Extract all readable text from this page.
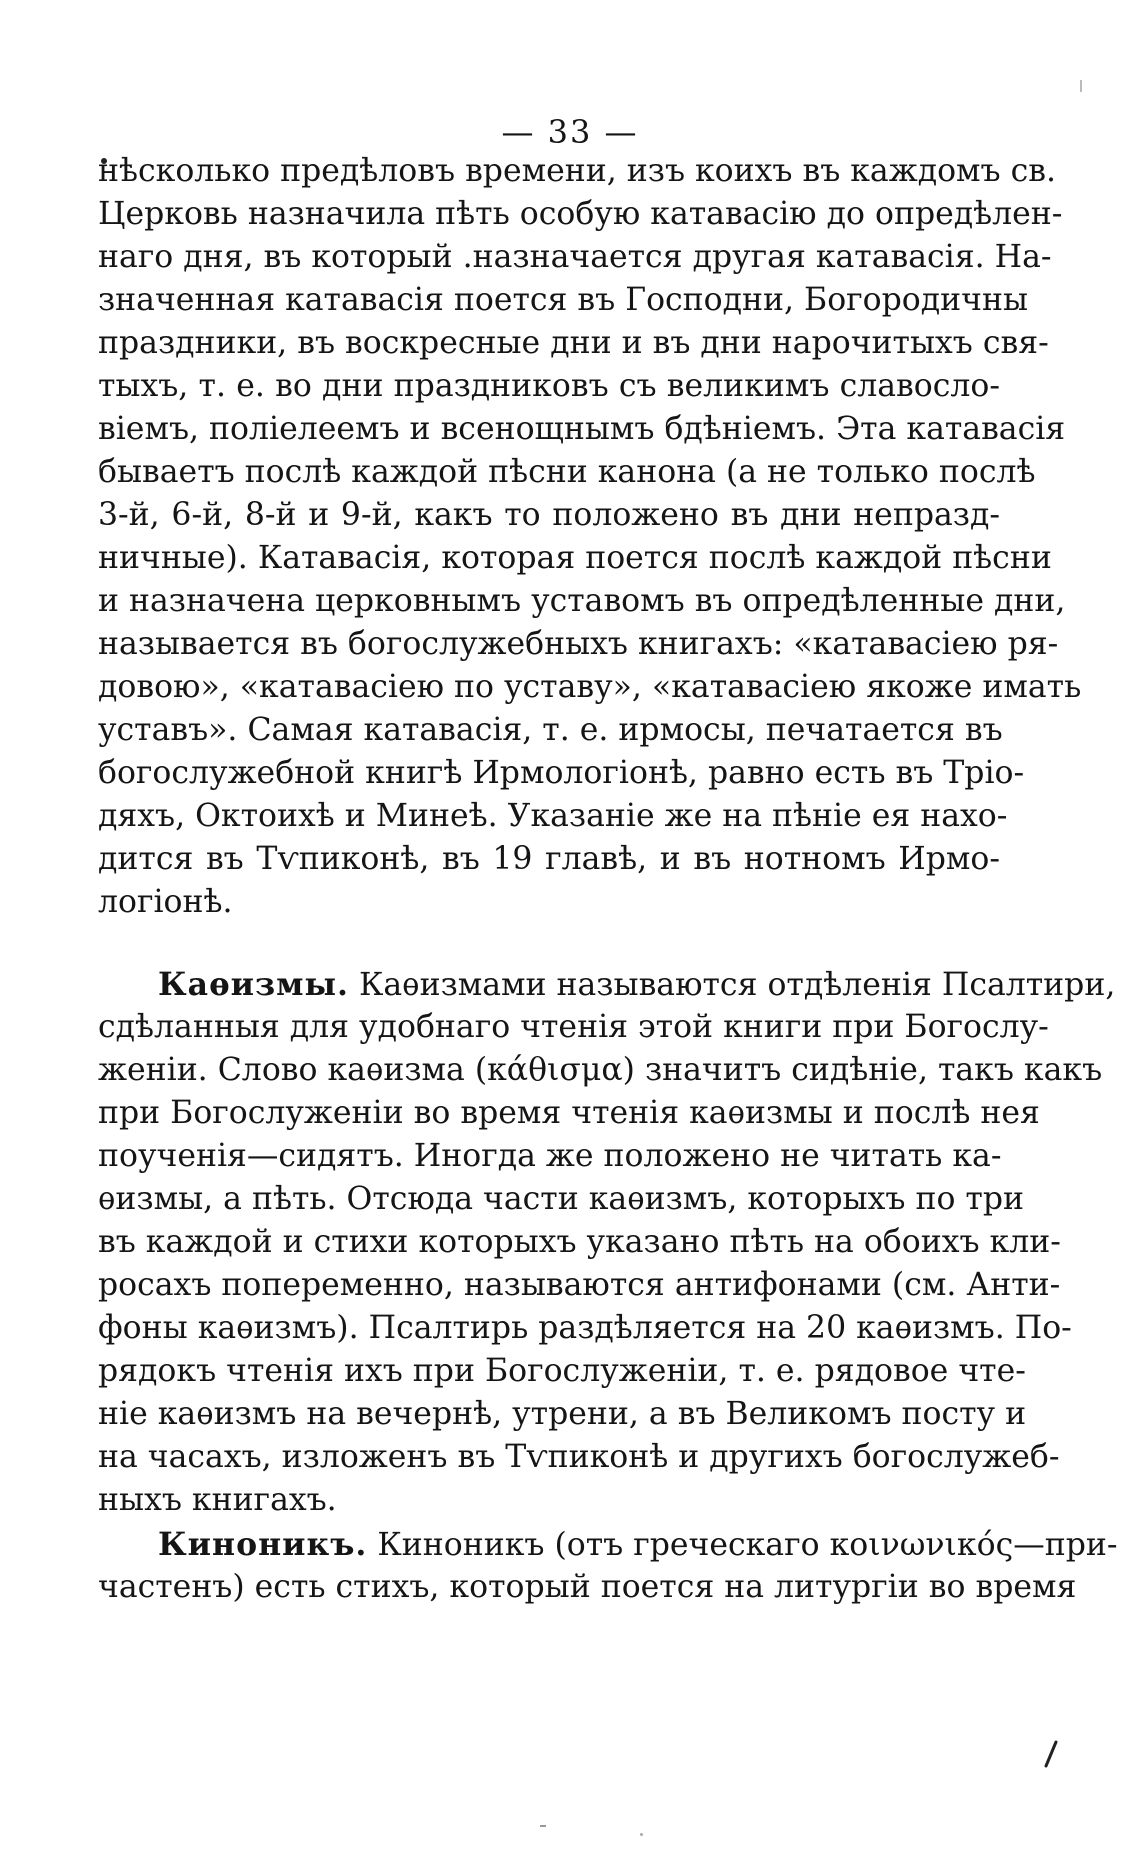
— 33 —
нѣсколько предѣловъ времени, изъ коихъ въ каждомъ св.
Церковь назначила пѣть особую катавасію до опредѣлен-
наго дня, въ который .назначается другая катавасія. На-
значенная катавасія поется въ Господни, Богородичны
праздники, въ воскресные дни и въ дни нарочитыхъ свя-
тыхъ, т. е. во дни праздниковъ съ великимъ славосло-
віемъ, поліелеемъ и всенощнымъ бдѣніемъ. Эта катавасія
бываетъ послѣ каждой пѣсни канона (а не только послѣ
3-й, 6-й, 8-й и 9-й, какъ то положено въ дни непразд-
ничные). Катавасія, которая поется послѣ каждой пѣсни
и назначена церковнымъ уставомъ въ опредѣленные дни,
называется въ богослужебныхъ книгахъ: «катавасіею ря-
довою», «катавасіею по уставу», «катавасіею якоже имать
уставъ». Самая катавасія, т. е. ирмосы, печатается въ
богослужебной книгѣ Ирмологіонѣ, равно есть въ Тріо-
дяхъ, Октоихѣ и Минеѣ. Указаніе же на пѣніе ея нахо-
дится въ Тѵпиконѣ, въ 19 главѣ, и въ нотномъ Ирмо-
логіонѣ.
Каѳизмы. Каѳизмами называются отдѣленія Псалтири,
сдѣланныя для удобнаго чтенія этой книги при Богослу-
женіи. Слово каѳизма (κάθισμα) значитъ сидѣніе, такъ какъ
при Богослуженіи во время чтенія каѳизмы и послѣ нея
поученія—сидятъ. Иногда же положено не читать ка-
ѳизмы, а пѣть. Отсюда части каѳизмъ, которыхъ по три
въ каждой и стихи которыхъ указано пѣть на обоихъ кли-
росахъ попеременно, называются антифонами (см. Анти-
фоны каѳизмъ). Псалтирь раздѣляется на 20 каѳизмъ. По-
рядокъ чтенія ихъ при Богослуженіи, т. е. рядовое чте-
ніе каѳизмъ на вечернѣ, утрени, а въ Великомъ посту и
на часахъ, изложенъ въ Тѵпиконѣ и другихъ богослужеб-
ныхъ книгахъ.
Киноникъ. Киноникъ (отъ греческаго κοινωνικός—при-
частенъ) есть стихъ, который поется на литургіи во время
